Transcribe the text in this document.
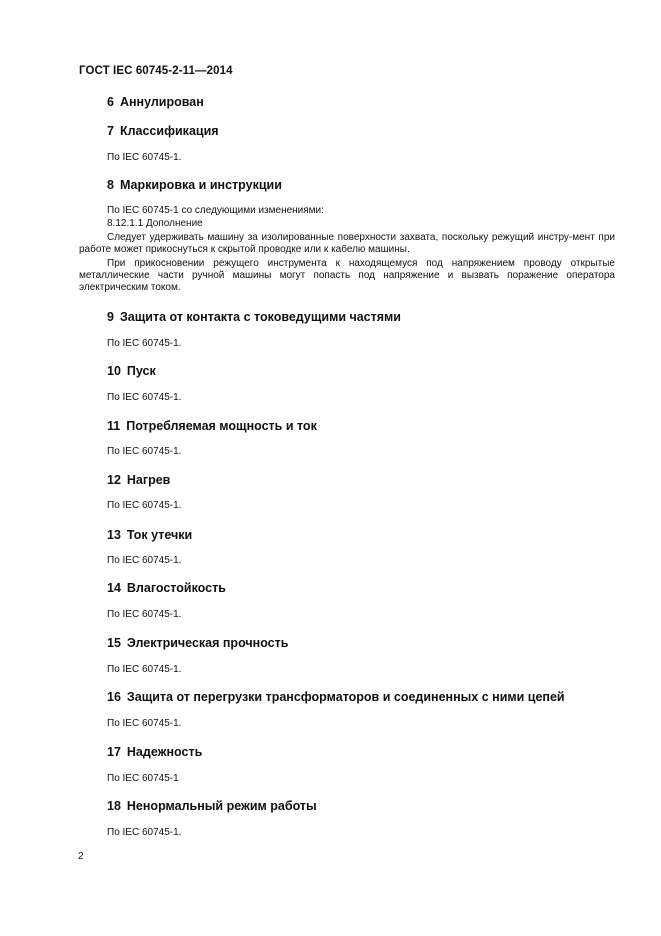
ГОСТ IEC 60745-2-11—2014
6 Аннулирован
7 Классификация
По IEC 60745-1.
8 Маркировка и инструкции
По IEC 60745-1 со следующими изменениями:
8.12.1.1 Дополнение
Следует удерживать машину за изолированные поверхности захвата, поскольку режущий инстру-мент при работе может прикоснуться к скрытой проводке или к кабелю машины.
При прикосновении режущего инструмента к находящемуся под напряжением проводу открытые металлические части ручной машины могут попасть под напряжение и вызвать поражение оператора электрическим током.
9 Защита от контакта с токоведущими частями
По IEC 60745-1.
10 Пуск
По IEC 60745-1.
11 Потребляемая мощность и ток
По IEC 60745-1.
12 Нагрев
По IEC 60745-1.
13 Ток утечки
По IEC 60745-1.
14 Влагостойкость
По IEC 60745-1.
15 Электрическая прочность
По IEC 60745-1.
16 Защита от перегрузки трансформаторов и соединенных с ними цепей
По IEC 60745-1.
17 Надежность
По IEC 60745-1
18 Ненормальный режим работы
По IEC 60745-1.
2
